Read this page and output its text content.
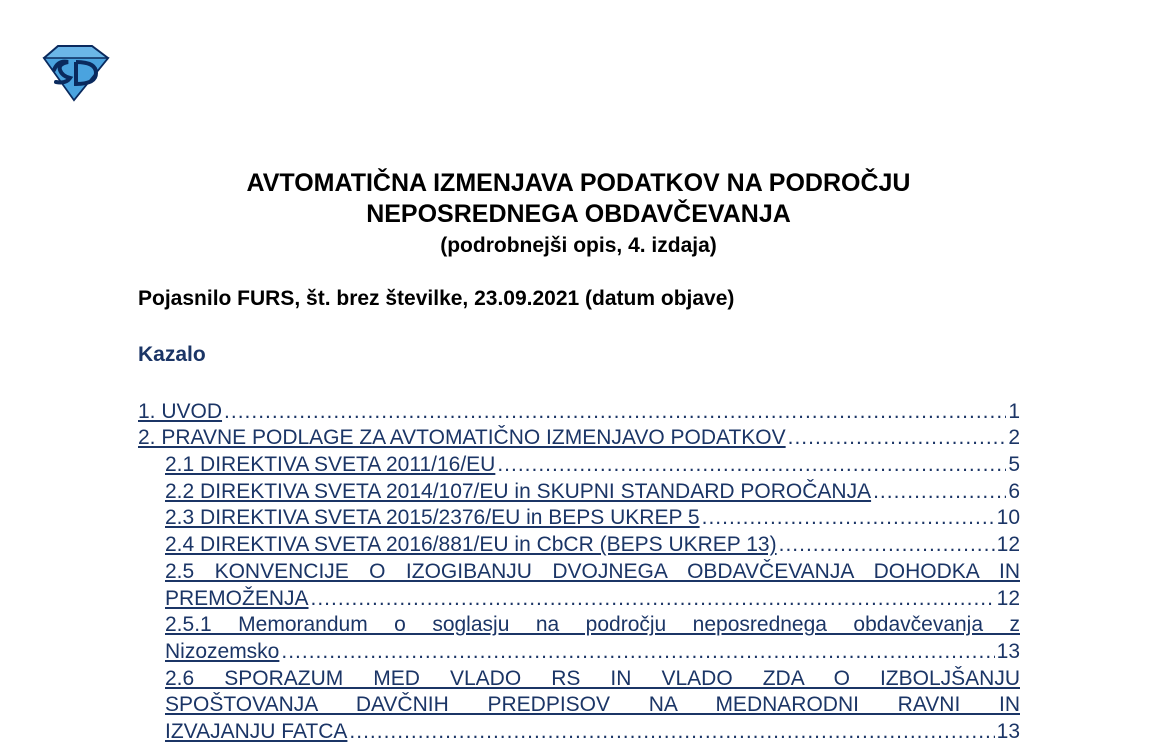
AVTOMATIČNA IZMENJAVA PODATKOV NA PODROČJU
NEPOSREDNEGA OBDAVČEVANJA
(podrobnejši opis, 4. izdaja)
Pojasnilo FURS, št. brez številke, 23.09.2021 (datum objave)
Kazalo
1. UVOD .....	1
2. PRAVNE PODLAGE ZA AVTOMATIČNO IZMENJAVO PODATKOV .....	2
2.1 DIREKTIVA SVETA 2011/16/EU .....	5
2.2 DIREKTIVA SVETA 2014/107/EU in SKUPNI STANDARD POROČANJA .....	6
2.3 DIREKTIVA SVETA 2015/2376/EU in BEPS UKREP 5 .....	10
2.4 DIREKTIVA SVETA 2016/881/EU in CbCR (BEPS UKREP 13) .....	12
2.5 KONVENCIJE O IZOGIBANJU DVOJNEGA OBDAVČEVANJA DOHODKA IN
PREMOŽENJA .....	12
2.5.1 Memorandum o soglasju na področju neposrednega obdavčevanja z
Nizozemsko .....	13
2.6 SPORAZUM MED VLADO RS IN VLADO ZDA O IZBOLJŠANJU
SPOŠTOVANJA DAVČNIH PREDPISOV NA MEDNARODNI RAVNI IN
IZVAJANJU FATCA .....	13
